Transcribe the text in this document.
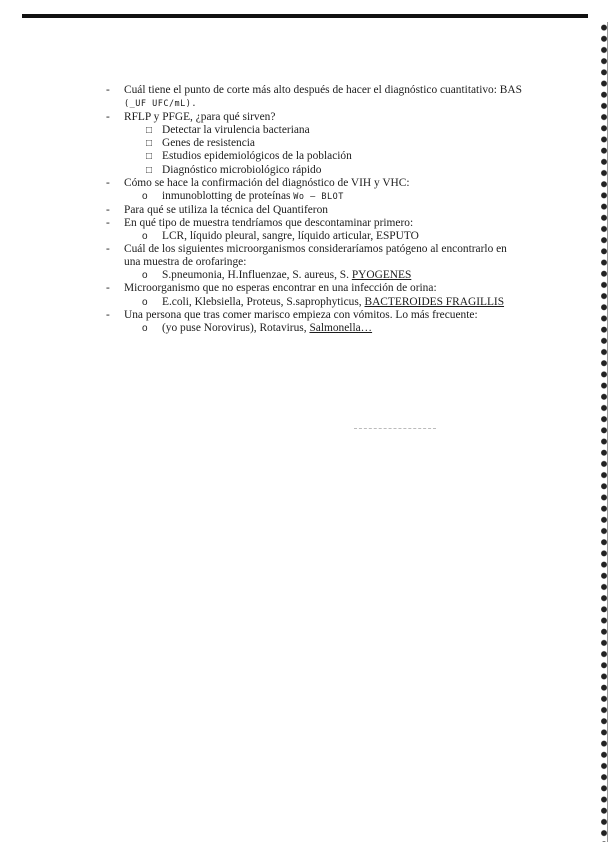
- Cuál tiene el punto de corte más alto después de hacer el diagnóstico cuantitativo: BAS (_UF UFC/mL).
- RFLP y PFGE, ¿para qué sirven?
□ Detectar la virulencia bacteriana
□ Genes de resistencia
□ Estudios epidemiológicos de la población
□ Diagnóstico microbiológico rápido
- Cómo se hace la confirmación del diagnóstico de VIH y VHC:
o inmunoblotting de proteínas Wo – BLOT
- Para qué se utiliza la técnica del Quantiferon
- En qué tipo de muestra tendríamos que descontaminar primero:
o LCR, líquido pleural, sangre, líquido articular, ESPUTO
- Cuál de los siguientes microorganismos consideraríamos patógeno al encontrarlo en una muestra de orofaringe:
o S.pneumonia, H.Influenzae, S. aureus, S. PYOGENES
- Microorganismo que no esperas encontrar en una infección de orina:
o E.coli, Klebsiella, Proteus, S.saprophyticus, BACTEROIDES FRAGILLIS
- Una persona que tras comer marisco empieza con vómitos. Lo más frecuente:
o (yo puse Norovirus), Rotavirus, Salmonella…
